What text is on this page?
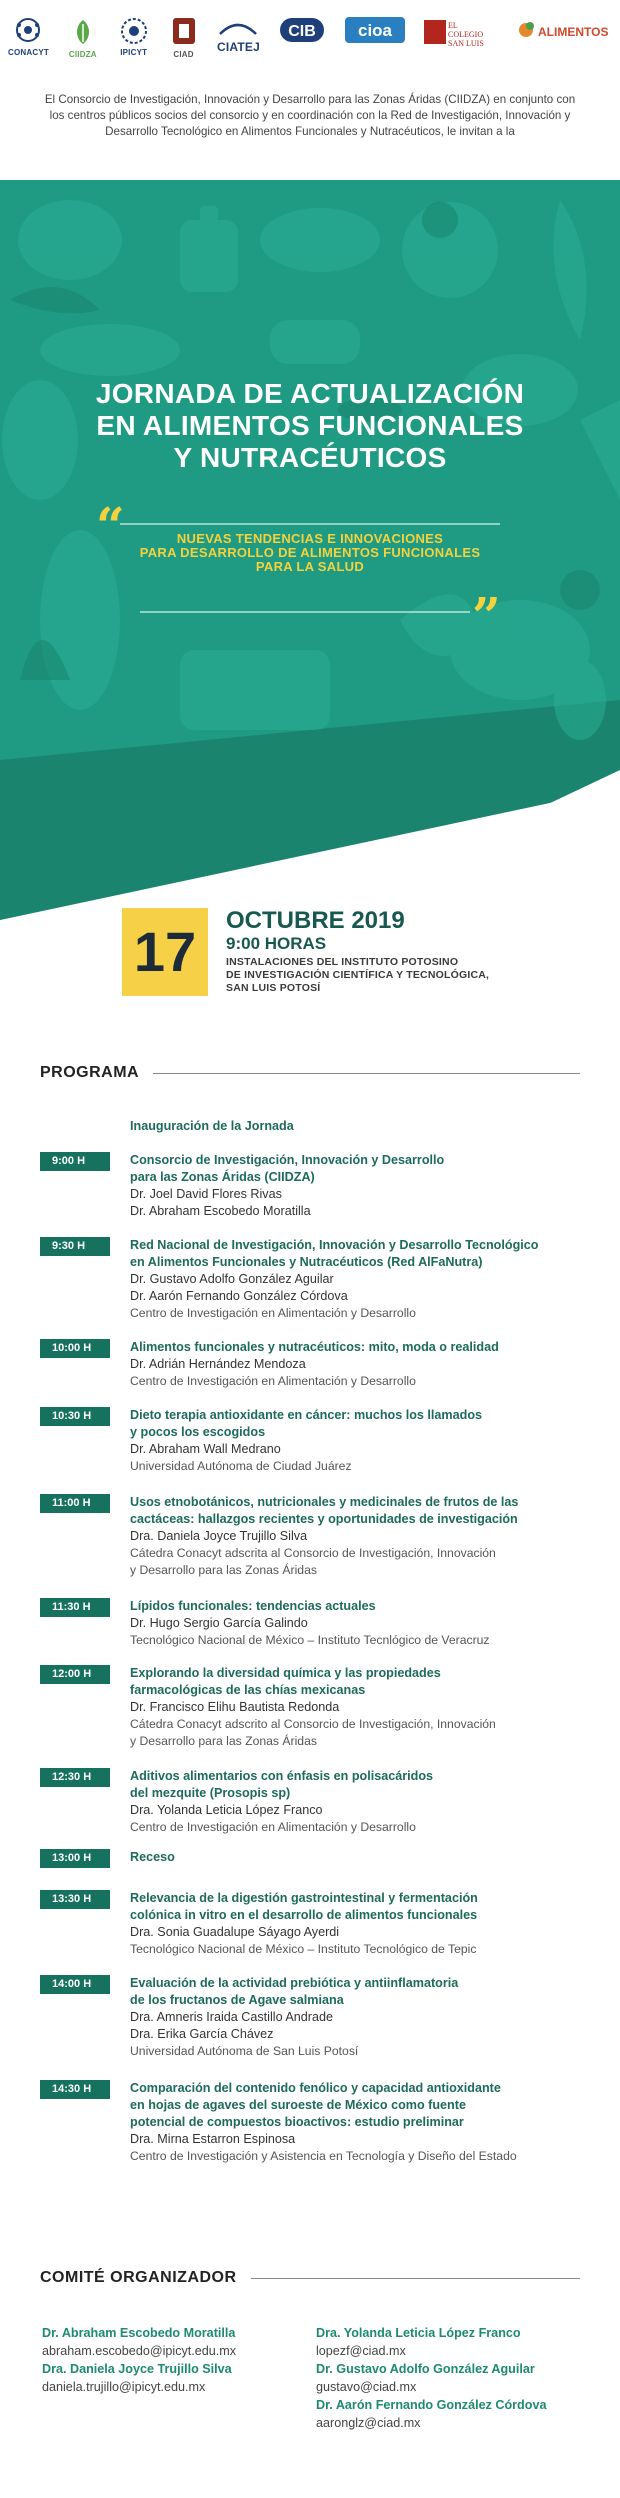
CONACYT CIIDZA	IPICYT	CIAD
CIATEJ
CIB cioa	EL
COLEGIO
SAN LUIS
ALIMENTOS
El Consorcio de Investigación, Innovación y Desarrollo para las Zonas Áridas (CIIDZA) en conjunto con los centros públicos socios del consorcio y en coordinación con la Red de Investigación, Innovación y Desarrollo Tecnológico en Alimentos Funcionales y Nutracéuticos, le invitan a la
JORNADA DE ACTUALIZACIÓN
EN ALIMENTOS FUNCIONALES
Y NUTRACÉUTICOS
“	NUEVAS TENDENCIAS E INNOVACIONES
PARA DESARROLLO DE ALIMENTOS FUNCIONALES
PARA LA SALUD
”
17	OCTUBRE 2019
9:00 HORAS
INSTALACIONES DEL INSTITUTO POTOSINO
DE INVESTIGACIÓN CIENTÍFICA Y TECNOLÓGICA,
SAN LUIS POTOSÍ
PROGRAMA
Inauguración de la Jornada
9:00 H	Consorcio de Investigación, Innovación y Desarrollo
para las Zonas Áridas (CIIDZA)
Dr. Joel David Flores Rivas
Dr. Abraham Escobedo Moratilla
9:30 H	Red Nacional de Investigación, Innovación y Desarrollo Tecnológico
en Alimentos Funcionales y Nutracéuticos (Red AlFaNutra)
Dr. Gustavo Adolfo González Aguilar
Dr. Aarón Fernando González Córdova
Centro de Investigación en Alimentación y Desarrollo
10:00 H	Alimentos funcionales y nutracéuticos: mito, moda o realidad
Dr. Adrián Hernández Mendoza
Centro de Investigación en Alimentación y Desarrollo
10:30 H	Dieto terapia antioxidante en cáncer: muchos los llamados
y pocos los escogidos
Dr. Abraham Wall Medrano
Universidad Autónoma de Ciudad Juárez
11:00 H	Usos etnobotánicos, nutricionales y medicinales de frutos de las
cactáceas: hallazgos recientes y oportunidades de investigación
Dra. Daniela Joyce Trujillo Silva
Cátedra Conacyt adscrita al Consorcio de Investigación, Innovación
y Desarrollo para las Zonas Áridas
11:30 H	Lípidos funcionales: tendencias actuales
Dr. Hugo Sergio García Galindo
Tecnológico Nacional de México – Instituto Tecnlógico de Veracruz
12:00 H	Explorando la diversidad química y las propiedades
farmacológicas de las chías mexicanas
Dr. Francisco Elihu Bautista Redonda
Cátedra Conacyt adscrito al Consorcio de Investigación, Innovación
y Desarrollo para las Zonas Áridas
12:30 H	Aditivos alimentarios con énfasis en polisacáridos
del mezquite (Prosopis sp)
Dra. Yolanda Leticia López Franco
Centro de Investigación en Alimentación y Desarrollo
13:00 H	Receso
13:30 H	Relevancia de la digestión gastrointestinal y fermentación
colónica in vitro en el desarrollo de alimentos funcionales
Dra. Sonia Guadalupe Sáyago Ayerdi
Tecnológico Nacional de México – Instituto Tecnológico de Tepic
14:00 H	Evaluación de la actividad prebiótica y antiinflamatoria
de los fructanos de Agave salmiana
Dra. Amneris Iraida Castillo Andrade
Dra. Erika García Chávez
Universidad Autónoma de San Luis Potosí
14:30 H	Comparación del contenido fenólico y capacidad antioxidante
en hojas de agaves del suroeste de México como fuente
potencial de compuestos bioactivos: estudio preliminar
Dra. Mirna Estarron Espinosa
Centro de Investigación y Asistencia en Tecnología y Diseño del Estado
COMITÉ ORGANIZADOR
Dr. Abraham Escobedo Moratilla
abraham.escobedo@ipicyt.edu.mx
Dra. Daniela Joyce Trujillo Silva
daniela.trujillo@ipicyt.edu.mx
Dra. Yolanda Leticia López Franco
lopezf@ciad.mx
Dr. Gustavo Adolfo González Aguilar
gustavo@ciad.mx
Dr. Aarón Fernando González Córdova
aaronglz@ciad.mx
